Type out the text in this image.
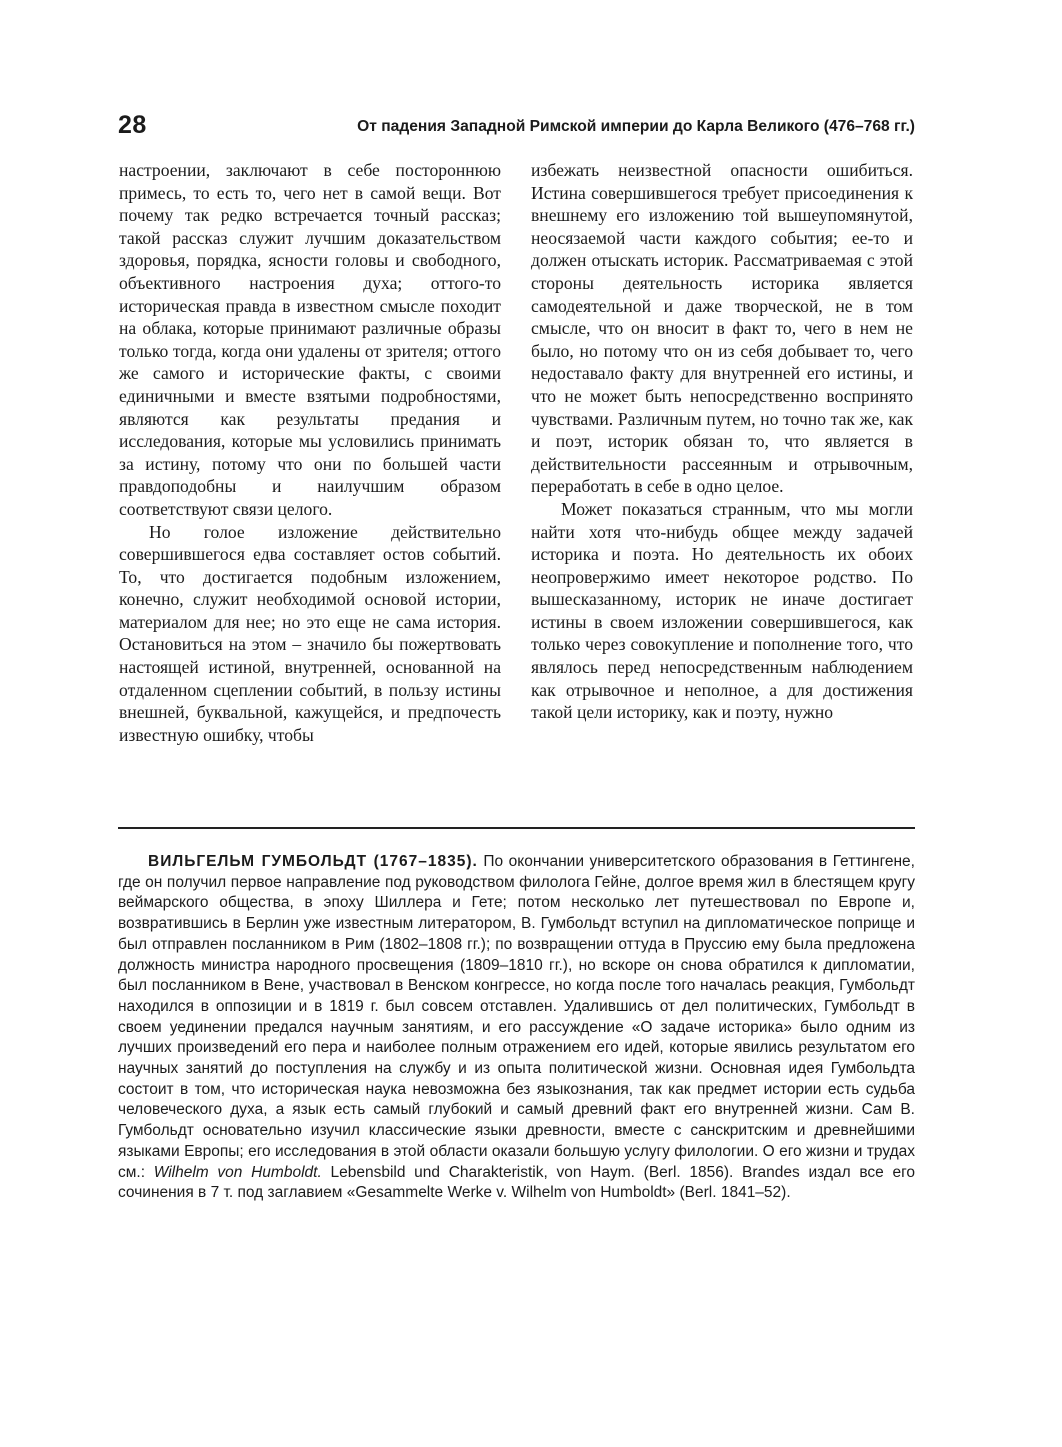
28	От падения Западной Римской империи до Карла Великого (476–768 гг.)

настроении, заключают в себе постороннюю примесь, то есть то, чего нет в самой вещи. Вот почему так редко встречается точный рассказ; такой рассказ служит лучшим доказательством здоровья, порядка, ясности головы и свободного, объективного настроения духа; оттого-то историческая правда в известном смысле походит на облака, которые принимают различные образы только тогда, когда они удалены от зрителя; оттого же самого и исторические факты, с своими единичными и вместе взятыми подробностями, являются как результаты предания и исследования, которые мы условились принимать за истину, потому что они по большей части правдоподобны и наилучшим образом соответствуют связи целого.

Но голое изложение действительно совершившегося едва составляет остов событий. То, что достигается подобным изложением, конечно, служит необходимой основой истории, материалом для нее; но это еще не сама история. Остановиться на этом – значило бы пожертвовать настоящей истиной, внутренней, основанной на отдаленном сцеплении событий, в пользу истины внешней, буквальной, кажущейся, и предпочесть известную ошибку, чтобы

избежать неизвестной опасности ошибиться. Истина совершившегося требует присоединения к внешнему его изложению той вышеупомянутой, неосязаемой части каждого события; ее-то и должен отыскать историк. Рассматриваемая с этой стороны деятельность историка является самодеятельной и даже творческой, не в том смысле, что он вносит в факт то, чего в нем не было, но потому что он из себя добывает то, чего недоставало факту для внутренней его истины, и что не может быть непосредственно воспринято чувствами. Различным путем, но точно так же, как и поэт, историк обязан то, что является в действительности рассеянным и отрывочным, переработать в себе в одно целое.

Может показаться странным, что мы могли найти хотя что-нибудь общее между задачей историка и поэта. Но деятельность их обоих неопровержимо имеет некоторое родство. По вышесказанному, историк не иначе достигает истины в своем изложении совершившегося, как только через совокупление и пополнение того, что являлось перед непосредственным наблюдением как отрывочное и неполное, а для достижения такой цели историку, как и поэту, нужно

ВИЛЬГЕЛЬМ ГУМБОЛЬДТ (1767–1835). По окончании университетского образования в Геттингене, где он получил первое направление под руководством филолога Гейне, долгое время жил в блестящем кругу веймарского общества, в эпоху Шиллера и Гете; потом несколько лет путешествовал по Европе и, возвратившись в Берлин уже известным литератором, В. Гумбольдт вступил на дипломатическое поприще и был отправлен посланником в Рим (1802–1808 гг.); по возвращении оттуда в Пруссию ему была предложена должность министра народного просвещения (1809–1810 гг.), но вскоре он снова обратился к дипломатии, был посланником в Вене, участвовал в Венском конгрессе, но когда после того началась реакция, Гумбольдт находился в оппозиции и в 1819 г. был совсем отставлен. Удалившись от дел политических, Гумбольдт в своем уединении предался научным занятиям, и его рассуждение «О задаче историка» было одним из лучших произведений его пера и наиболее полным отражением его идей, которые явились результатом его научных занятий до поступления на службу и из опыта политической жизни. Основная идея Гумбольдта состоит в том, что историческая наука невозможна без языкознания, так как предмет истории есть судьба человеческого духа, а язык есть самый глубокий и самый древний факт его внутренней жизни. Сам В. Гумбольдт основательно изучил классические языки древности, вместе с санскритским и древнейшими языками Европы; его исследования в этой области оказали большую услугу филологии. О его жизни и трудах см.: Wilhelm von Humboldt. Lebensbild und Charakteristik, von Haym. (Berl. 1856). Brandes издал все его сочинения в 7 т. под заглавием «Gesammelte Werke v. Wilhelm von Humboldt» (Berl. 1841–52).
